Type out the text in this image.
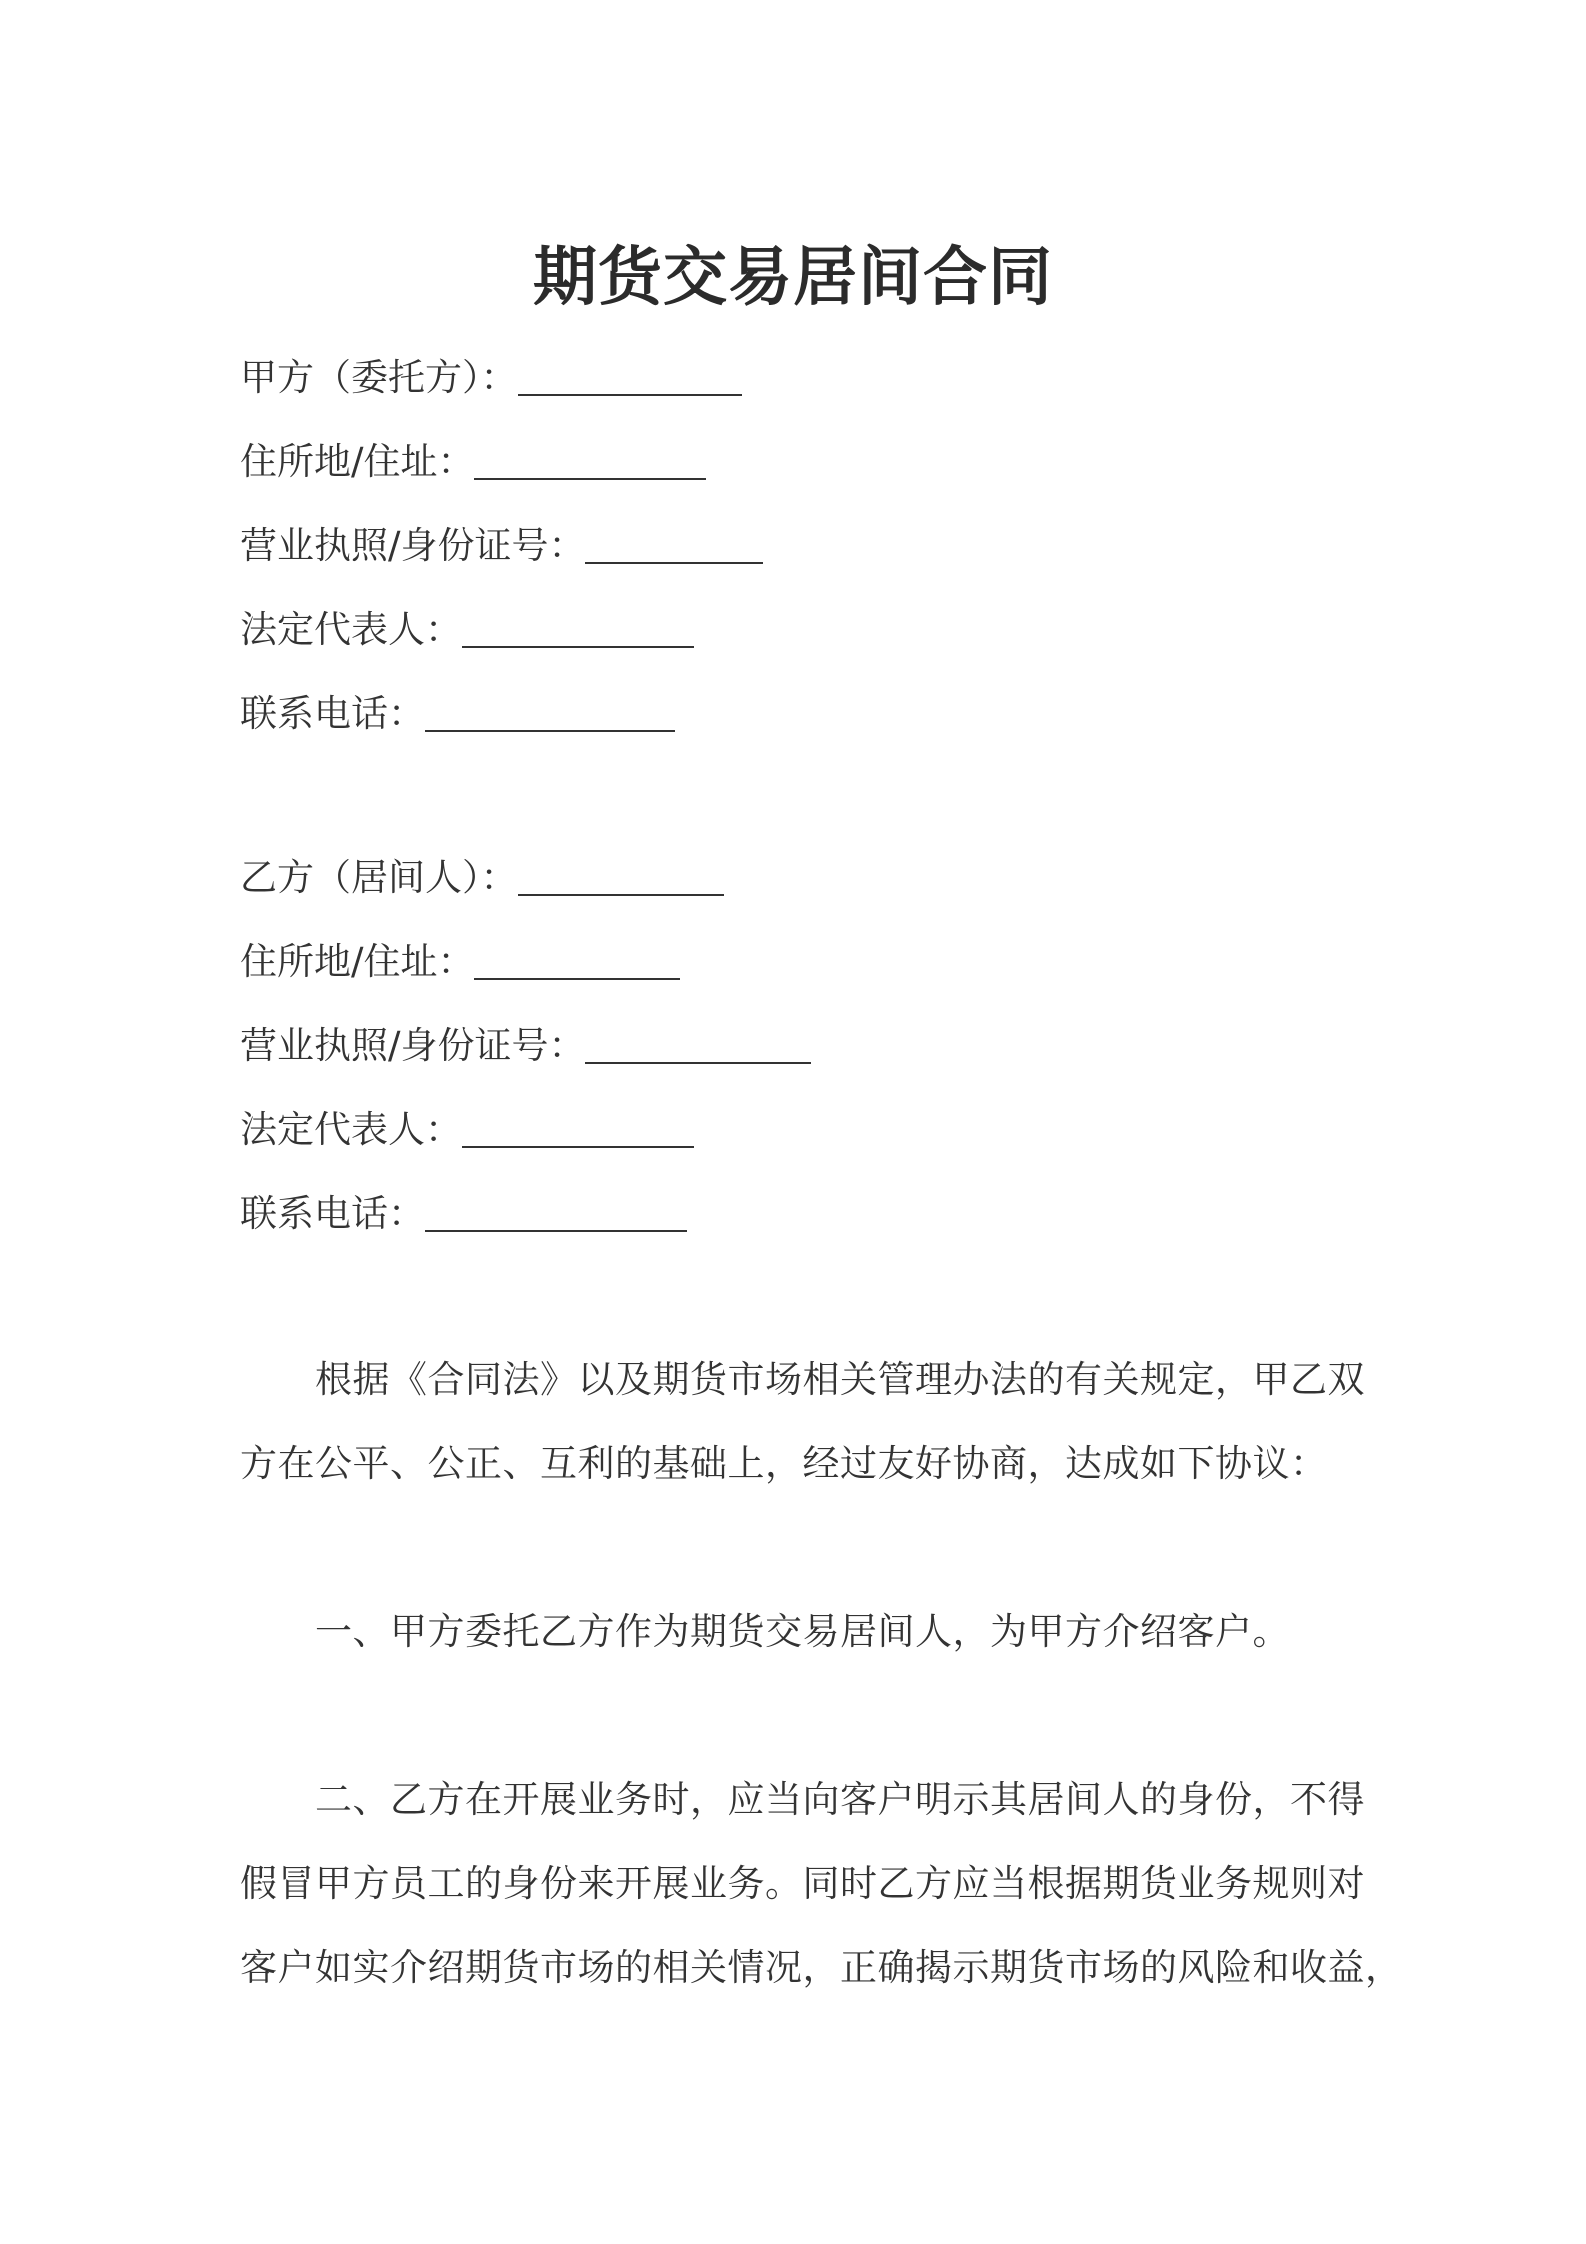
期货交易居间合同
甲方（委托方）：
住所地/住址：
营业执照/身份证号：
法定代表人：
联系电话：
乙方（居间人）：
住所地/住址：
营业执照/身份证号：
法定代表人：
联系电话：
　　根据《合同法》以及期货市场相关管理办法的有关规定，甲乙双
方在公平、公正、互利的基础上，经过友好协商，达成如下协议：
　　一、甲方委托乙方作为期货交易居间人，为甲方介绍客户。
　　二、乙方在开展业务时，应当向客户明示其居间人的身份，不得
假冒甲方员工的身份来开展业务。同时乙方应当根据期货业务规则对
客户如实介绍期货市场的相关情况，正确揭示期货市场的风险和收益，
